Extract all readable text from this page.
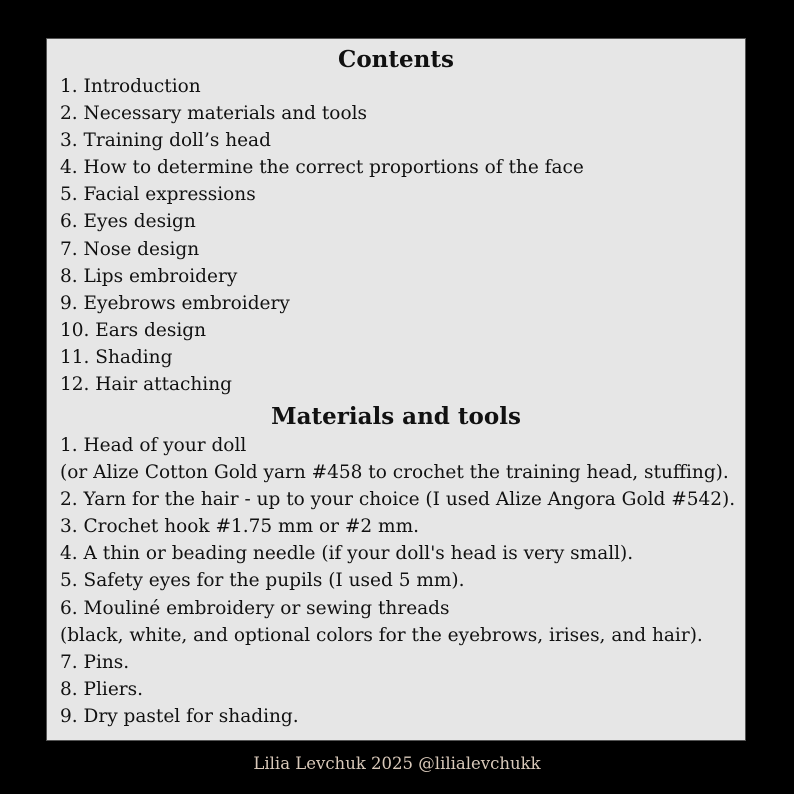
Contents
1. Introduction
2. Necessary materials and tools
3. Training doll’s head
4. How to determine the correct proportions of the face
5. Facial expressions
6. Eyes design
7. Nose design
8. Lips embroidery
9. Eyebrows embroidery
10. Ears design
11. Shading
12. Hair attaching
Materials and tools
1. Head of your doll
(or Alize Cotton Gold yarn #458 to crochet the training head, stuffing).
2. Yarn for the hair - up to your choice (I used Alize Angora Gold #542).
3. Crochet hook #1.75 mm or #2 mm.
4. A thin or beading needle (if your doll's head is very small).
5. Safety eyes for the pupils (I used 5 mm).
6. Mouliné embroidery or sewing threads
(black, white, and optional colors for the eyebrows, irises, and hair).
7. Pins.
8. Pliers.
9. Dry pastel for shading.
Lilia Levchuk 2025 @lilialevchukk
